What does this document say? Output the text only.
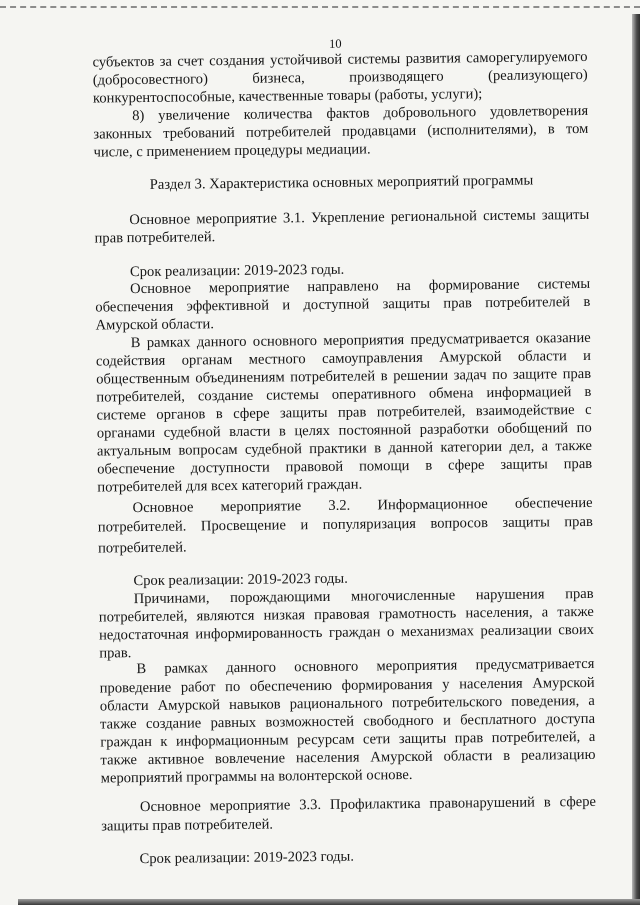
10
субъектов за счет создания устойчивой системы развития саморегулируемого
(добросовестного) бизнеса, производящего (реализующего)
конкурентоспособные, качественные товары (работы, услуги);
8) увеличение количества фактов добровольного удовлетворения
законных требований потребителей продавцами (исполнителями), в том
числе, с применением процедуры медиации.
Раздел 3. Характеристика основных мероприятий программы
Основное мероприятие 3.1. Укрепление региональной системы защиты
прав потребителей.
Срок реализации: 2019-2023 годы.
Основное мероприятие направлено на формирование системы
обеспечения эффективной и доступной защиты прав потребителей в
Амурской области.
В рамках данного основного мероприятия предусматривается оказание
содействия органам местного самоуправления Амурской области и
общественным объединениям потребителей в решении задач по защите прав
потребителей, создание системы оперативного обмена информацией в
системе органов в сфере защиты прав потребителей, взаимодействие с
органами судебной власти в целях постоянной разработки обобщений по
актуальным вопросам судебной практики в данной категории дел, а также
обеспечение доступности правовой помощи в сфере защиты прав
потребителей для всех категорий граждан.
Основное мероприятие 3.2. Информационное обеспечение
потребителей. Просвещение и популяризация вопросов защиты прав
потребителей.
Срок реализации: 2019-2023 годы.
Причинами, порождающими многочисленные нарушения прав
потребителей, являются низкая правовая грамотность населения, а также
недостаточная информированность граждан о механизмах реализации своих
прав.
В рамках данного основного мероприятия предусматривается
проведение работ по обеспечению формирования у населения Амурской
области Амурской навыков рационального потребительского поведения, а
также создание равных возможностей свободного и бесплатного доступа
граждан к информационным ресурсам сети защиты прав потребителей, а
также активное вовлечение населения Амурской области в реализацию
мероприятий программы на волонтерской основе.
Основное мероприятие 3.3. Профилактика правонарушений в сфере
защиты прав потребителей.
Срок реализации: 2019-2023 годы.
